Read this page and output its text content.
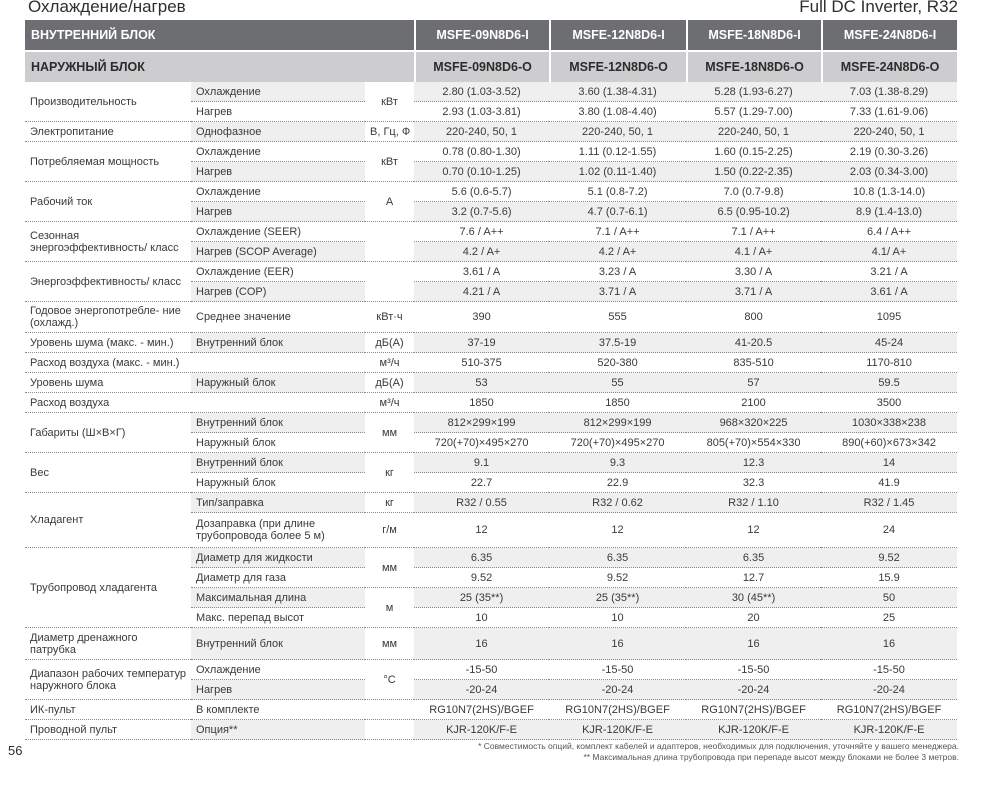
Охлаждение/нагрев	Full DC Inverter, R32
ВНУТРЕННИЙ БЛОК			MSFE-09N8D6-I	MSFE-12N8D6-I	MSFE-18N8D6-I	MSFE-24N8D6-I
НАРУЖНЫЙ БЛОК			MSFE-09N8D6-O	MSFE-12N8D6-O	MSFE-18N8D6-O	MSFE-24N8D6-O
Производительность	Охлаждение	кВт	2.80 (1.03-3.52)	3.60 (1.38-4.31)	5.28 (1.93-6.27)	7.03 (1.38-8.29)
	Нагрев		2.93 (1.03-3.81)	3.80 (1.08-4.40)	5.57 (1.29-7.00)	7.33 (1.61-9.06)
Электропитание	Однофазное	В, Гц, Ф	220-240, 50, 1	220-240, 50, 1	220-240, 50, 1	220-240, 50, 1
Потребляемая мощность	Охлаждение	кВт	0.78 (0.80-1.30)	1.11 (0.12-1.55)	1.60 (0.15-2.25)	2.19 (0.30-3.26)
	Нагрев		0.70 (0.10-1.25)	1.02 (0.11-1.40)	1.50 (0.22-2.35)	2.03 (0.34-3.00)
Рабочий ток	Охлаждение	А	5.6 (0.6-5.7)	5.1 (0.8-7.2)	7.0 (0.7-9.8)	10.8 (1.3-14.0)
	Нагрев		3.2 (0.7-5.6)	4.7 (0.7-6.1)	6.5 (0.95-10.2)	8.9 (1.4-13.0)
Сезонная энергоэффективность/ класс	Охлаждение (SEER)		7.6 / A++	7.1 / A++	7.1 / A++	6.4 / A++
	Нагрев (SCOP Average)		4.2 / A+	4.2 / A+	4.1 / A+	4.1/ A+
Энергоэффективность/ класс	Охлаждение (EER)		3.61 / A	3.23 / A	3.30 / A	3.21 / A
	Нагрев (COP)		4.21 / A	3.71 / A	3.71 / A	3.61 / A
Годовое энергопотребле- ние (охлажд.)	Среднее значение	кВт·ч	390	555	800	1095
Уровень шума (макс. - мин.)	Внутренний блок	дБ(А)	37-19	37.5-19	41-20.5	45-24
Расход воздуха (макс. - мин.)		м³/ч	510-375	520-380	835-510	1170-810
Уровень шума	Наружный блок	дБ(А)	53	55	57	59.5
Расход воздуха		м³/ч	1850	1850	2100	3500
Габариты (Ш×В×Г)	Внутренний блок	мм	812×299×199	812×299×199	968×320×225	1030×338×238
	Наружный блок		720(+70)×495×270	720(+70)×495×270	805(+70)×554×330	890(+60)×673×342
Вес	Внутренний блок	кг	9.1	9.3	12.3	14
	Наружный блок		22.7	22.9	32.3	41.9
Хладагент	Тип/заправка	кг	R32 / 0.55	R32 / 0.62	R32 / 1.10	R32 / 1.45
	Дозаправка (при длине трубопровода более 5 м)	г/м	12	12	12	24
Трубопровод хладагента	Диаметр для жидкости	мм	6.35	6.35	6.35	9.52
	Диаметр для газа		9.52	9.52	12.7	15.9
	Максимальная длина	м	25 (35**)	25 (35**)	30 (45**)	50
	Макс. перепад высот		10	10	20	25
Диаметр дренажного патрубка	Внутренний блок	мм	16	16	16	16
Диапазон рабочих температур наружного блока	Охлаждение	°С	-15-50	-15-50	-15-50	-15-50
	Нагрев		-20-24	-20-24	-20-24	-20-24
ИК-пульт	В комплекте		RG10N7(2HS)/BGEF	RG10N7(2HS)/BGEF	RG10N7(2HS)/BGEF	RG10N7(2HS)/BGEF
Проводной пульт	Опция**		KJR-120K/F-E	KJR-120K/F-E	KJR-120K/F-E	KJR-120K/F-E
56	* Совместимость опций, комплект кабелей и адаптеров, необходимых для подключения, уточняйте у вашего менеджера.
** Максимальная длина трубопровода при перепаде высот между блоками не более 3 метров.
